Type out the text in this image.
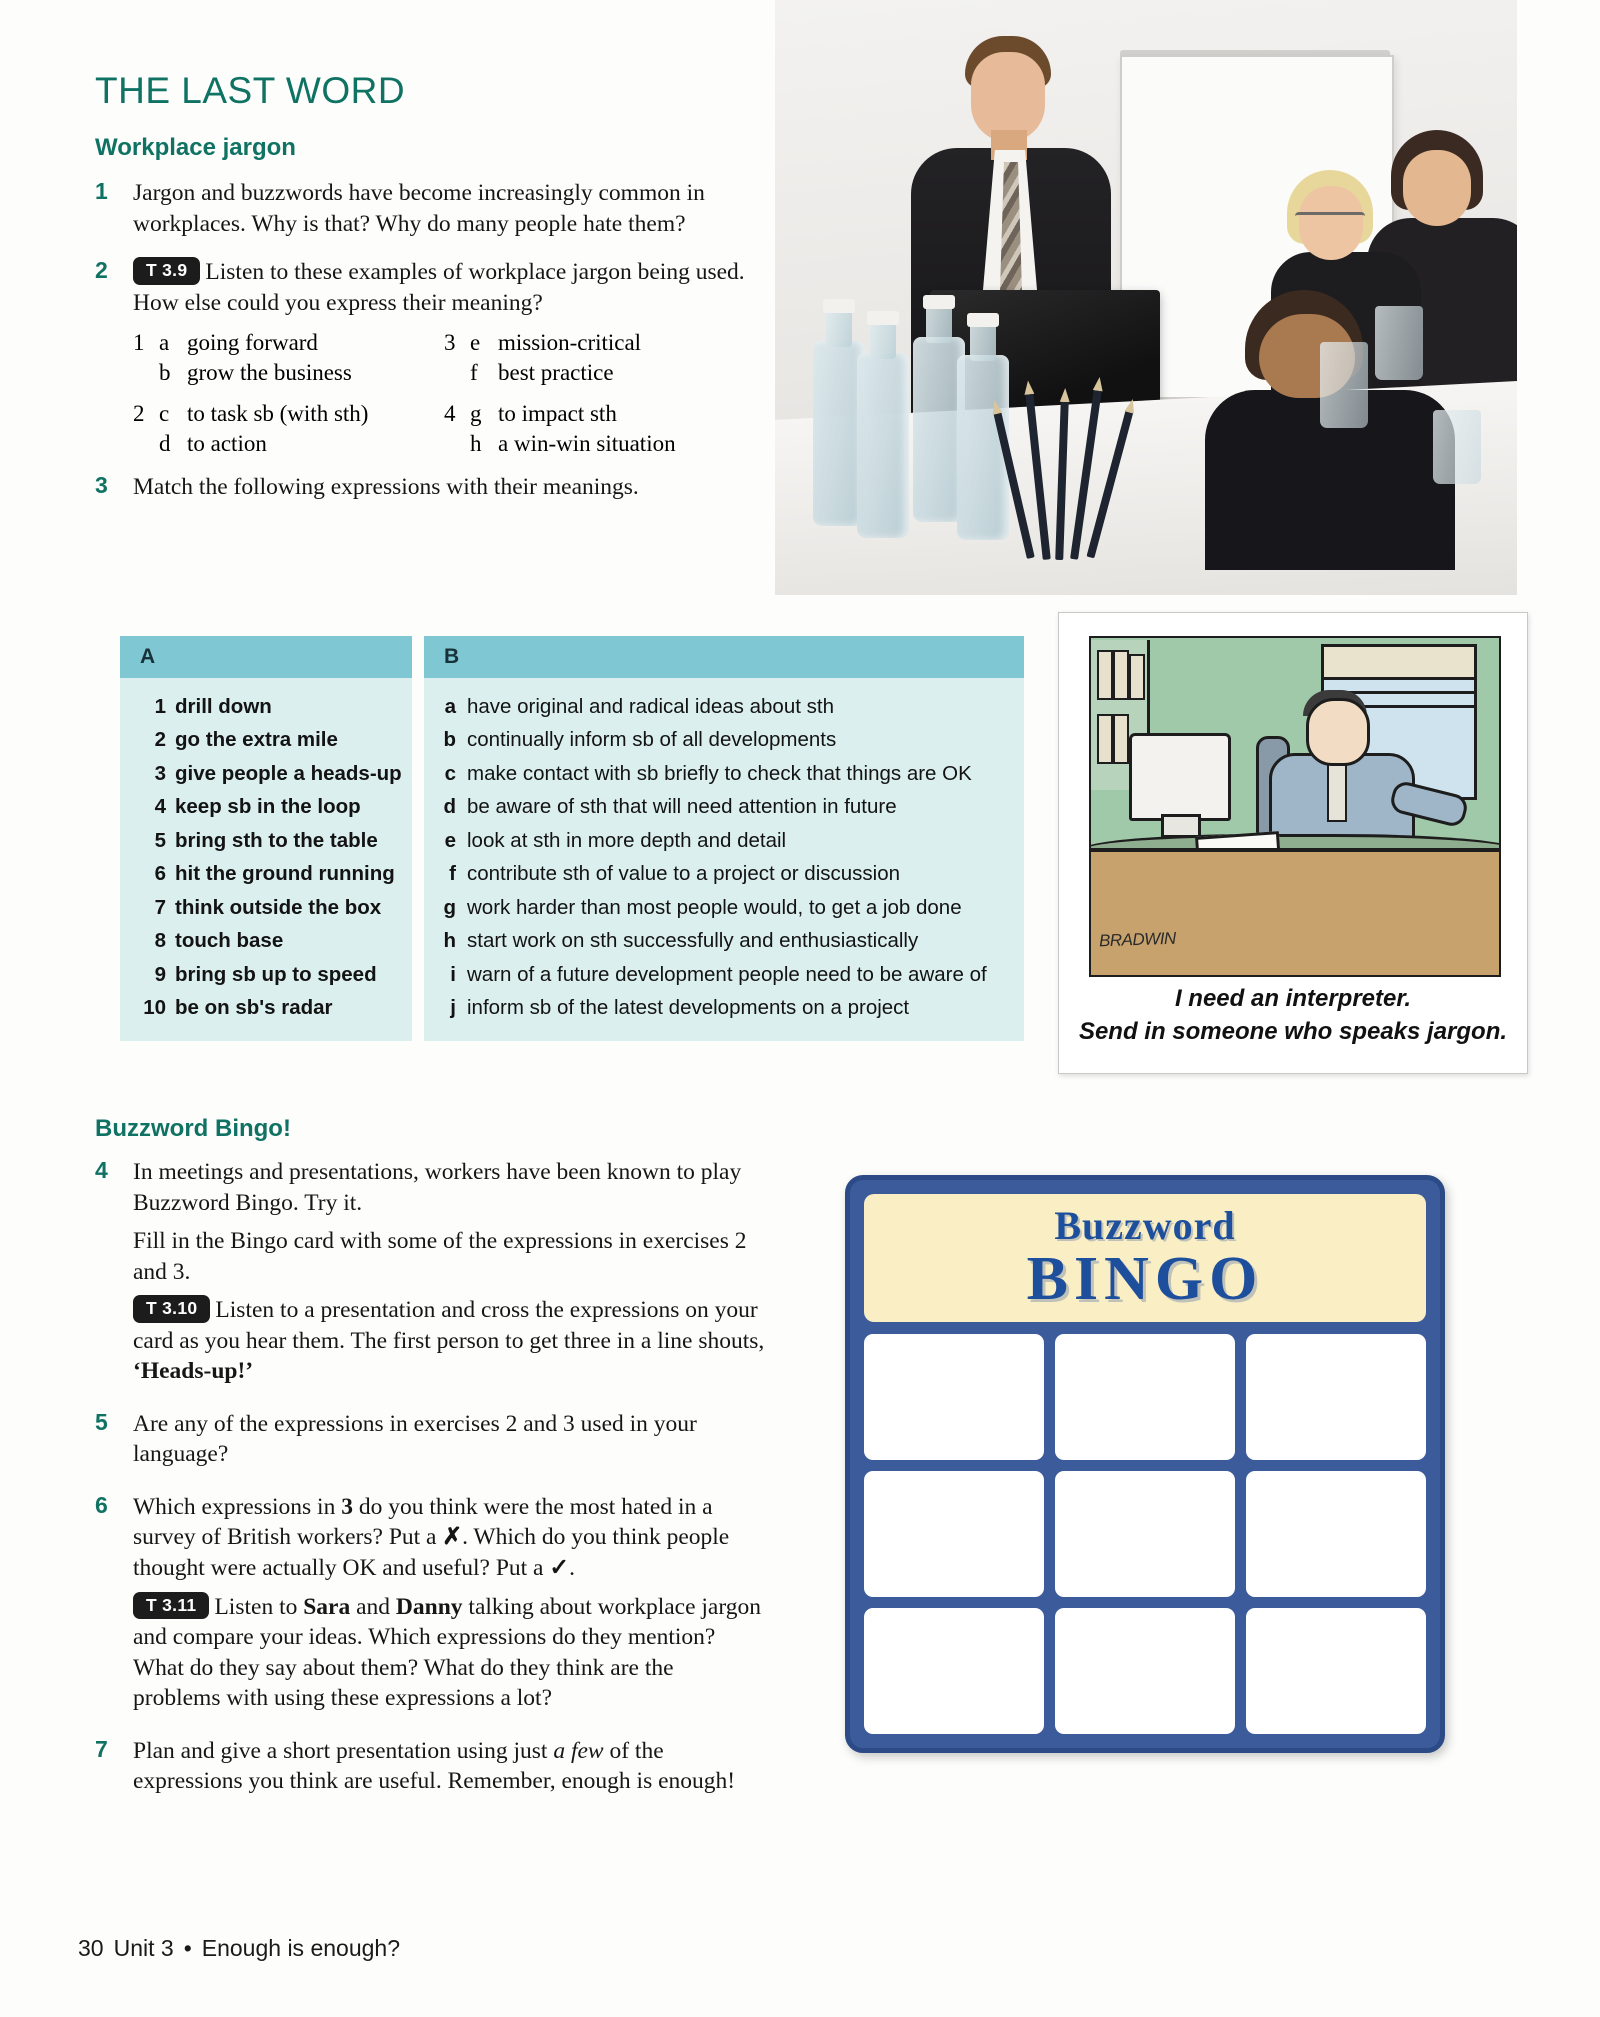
THE LAST WORD
Workplace jargon
1 Jargon and buzzwords have become increasingly common in workplaces. Why is that? Why do many people hate them?

2	T 3.9 Listen to these examples of workplace jargon being used. How else could you express their meaning?

1 a going forward
b grow the business
2 c to task sb (with sth)
d to action
3 e mission-critical
f best practice
4 g to impact sth
h a win-win situation
3 Match the following expressions with their meanings.

A
1 drill down
2 go the extra mile
3 give people a heads-up
4 keep sb in the loop
5 bring sth to the table
6 hit the ground running
7 think outside the box
8 touch base
9 bring sb up to speed
10 be on sb's radar
B
a have original and radical ideas about sth
b continually inform sb of all developments
c make contact with sb briefly to check that things are OK
d be aware of sth that will need attention in future
e look at sth in more depth and detail
f contribute sth of value to a project or discussion
g work harder than most people would, to get a job done
h start work on sth successfully and enthusiastically
i warn of a future development people need to be aware of
j inform sb of the latest developments on a project
BRADWIN
I need an interpreter.
Send in someone who speaks jargon.
Buzzword Bingo!
4 In meetings and presentations, workers have been known to play Buzzword Bingo. Try it.

Fill in the Bingo card with some of the expressions in exercises 2 and 3.

T 3.10 Listen to a presentation and cross the expressions on your card as you hear them. The first person to get three in a line shouts, ‘Heads-up!’

5 Are any of the expressions in exercises 2 and 3 used in your language?

6 Which expressions in 3 do you think were the most hated in a survey of British workers? Put a ✗. Which do you think people thought were actually OK and useful? Put a ✓.

T 3.11 Listen to Sara and Danny talking about workplace jargon and compare your ideas. Which expressions do they mention? What do they say about them? What do they think are the problems with using these expressions a lot?

7 Plan and give a short presentation using just a few of the expressions you think are useful. Remember, enough is enough!

Buzzword
BINGO
30 Unit 3 • Enough is enough?
